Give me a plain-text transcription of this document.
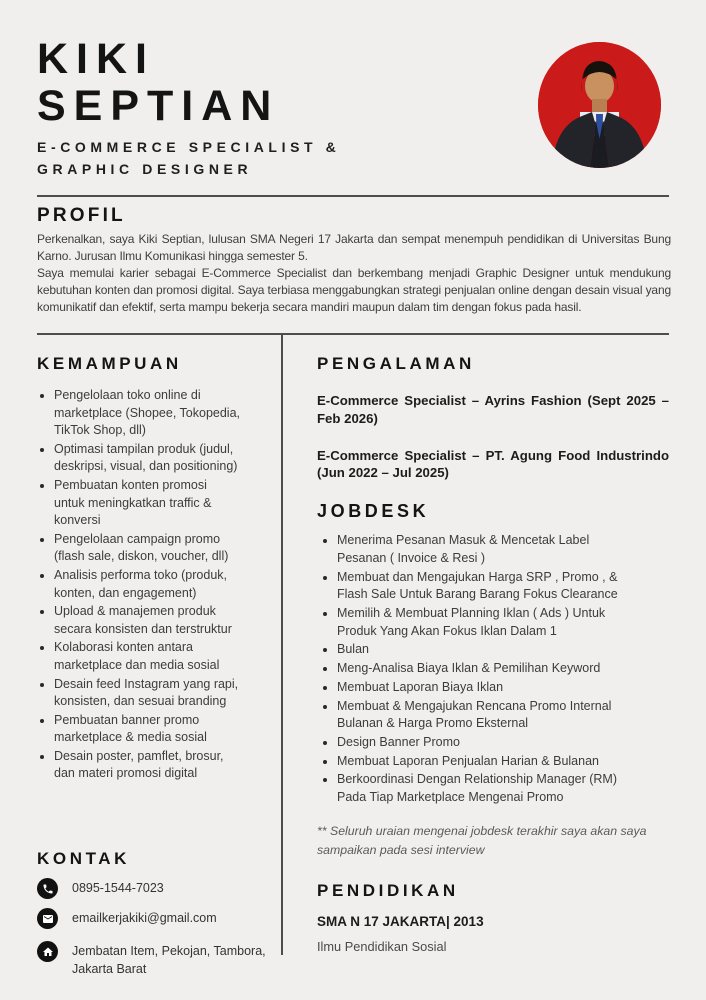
KIKI
SEPTIAN
E-COMMERCE SPECIALIST &
GRAPHIC DESIGNER
PROFIL

Perkenalkan, saya Kiki Septian, lulusan SMA Negeri 17 Jakarta dan sempat menempuh pendidikan di Universitas Bung Karno. Jurusan Ilmu Komunikasi hingga semester 5.

Saya memulai karier sebagai E-Commerce Specialist dan berkembang menjadi Graphic Designer untuk mendukung kebutuhan konten dan promosi digital. Saya terbiasa menggabungkan strategi penjualan online dengan desain visual yang komunikatif dan efektif, serta mampu bekerja secara mandiri maupun dalam tim dengan fokus pada hasil.

KEMAMPUAN
• Pengelolaan toko online di marketplace (Shopee, Tokopedia, TikTok Shop, dll)
• Optimasi tampilan produk (judul, deskripsi, visual, dan positioning)
• Pembuatan konten promosi untuk meningkatkan traffic & konversi
• Pengelolaan campaign promo (flash sale, diskon, voucher, dll)
• Analisis performa toko (produk, konten, dan engagement)
• Upload & manajemen produk secara konsisten dan terstruktur
• Kolaborasi konten antara marketplace dan media sosial
• Desain feed Instagram yang rapi, konsisten, dan sesuai branding
• Pembuatan banner promo marketplace & media sosial
• Desain poster, pamflet, brosur, dan materi promosi digital
KONTAK
0895-1544-7023
emailkerjakiki@gmail.com
Jembatan Item, Pekojan, Tambora, Jakarta Barat
PENGALAMAN
E-Commerce Specialist – Ayrins Fashion (Sept 2025 – Feb 2026)
E-Commerce Specialist – PT. Agung Food Industrindo (Jun 2022 – Jul 2025)
JOBDESK
• Menerima Pesanan Masuk & Mencetak Label Pesanan ( Invoice & Resi )
• Membuat dan Mengajukan Harga SRP , Promo , & Flash Sale Untuk Barang Barang Fokus Clearance
• Memilih & Membuat Planning Iklan ( Ads ) Untuk Produk Yang Akan Fokus Iklan Dalam 1
• Bulan
• Meng-Analisa Biaya Iklan & Pemilihan Keyword
• Membuat Laporan Biaya Iklan
• Membuat & Mengajukan Rencana Promo Internal Bulanan & Harga Promo Eksternal
• Design Banner Promo
• Membuat Laporan Penjualan Harian & Bulanan
• Berkoordinasi Dengan Relationship Manager (RM) Pada Tiap Marketplace Mengenai Promo
** Seluruh uraian mengenai jobdesk terakhir saya akan saya sampaikan pada sesi interview
PENDIDIKAN
SMA N 17 JAKARTA| 2013
Ilmu Pendidikan Sosial
